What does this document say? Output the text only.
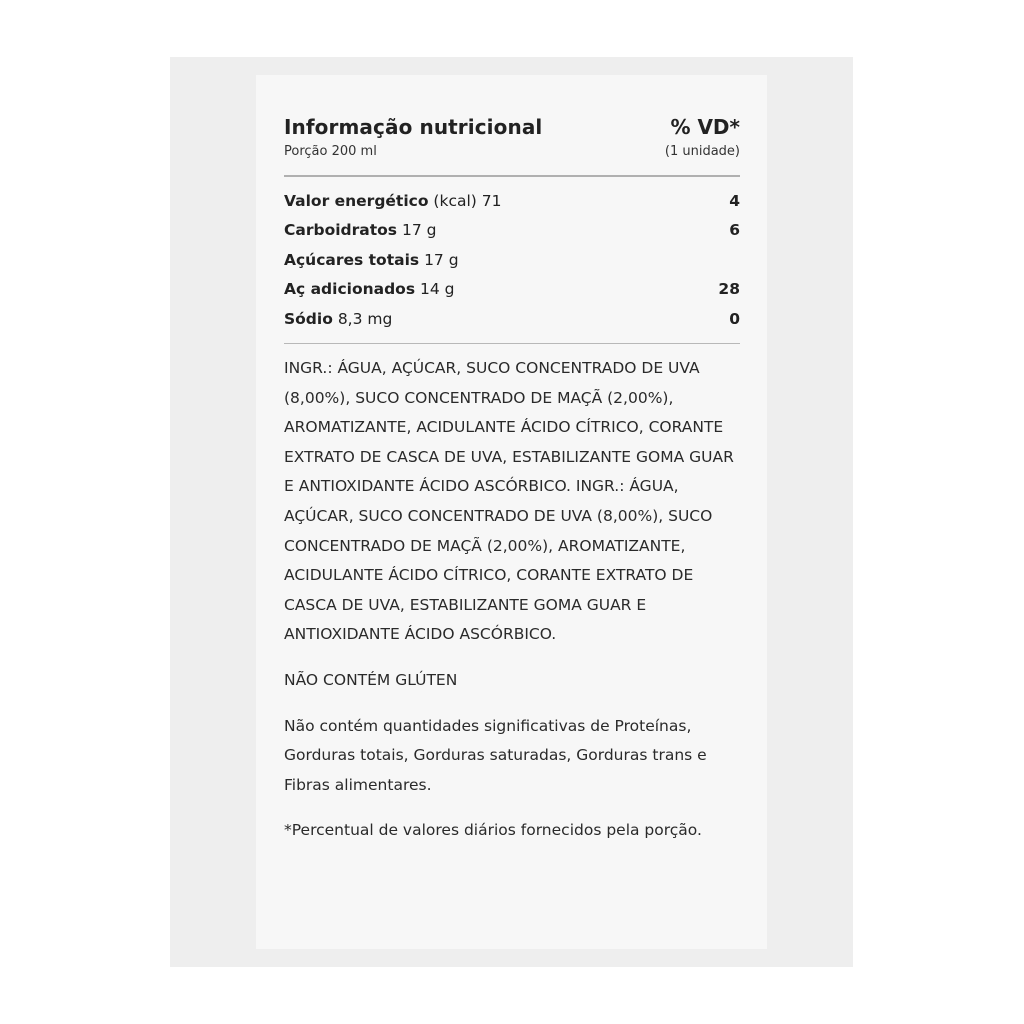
Informação nutricional	% VD*
Porção 200 ml	(1 unidade)
Valor energético (kcal) 71	4
Carboidratos 17 g	6
Açúcares totais 17 g
Aç adicionados 14 g	28
Sódio 8,3 mg	0
INGR.: ÁGUA, AÇÚCAR, SUCO CONCENTRADO DE UVA (8,00%), SUCO CONCENTRADO DE MAÇÃ (2,00%), AROMATIZANTE, ACIDULANTE ÁCIDO CÍTRICO, CORANTE EXTRATO DE CASCA DE UVA, ESTABILIZANTE GOMA GUAR E ANTIOXIDANTE ÁCIDO ASCÓRBICO. INGR.: ÁGUA, AÇÚCAR, SUCO CONCENTRADO DE UVA (8,00%), SUCO CONCENTRADO DE MAÇÃ (2,00%), AROMATIZANTE, ACIDULANTE ÁCIDO CÍTRICO, CORANTE EXTRATO DE CASCA DE UVA, ESTABILIZANTE GOMA GUAR E ANTIOXIDANTE ÁCIDO ASCÓRBICO.
NÃO CONTÉM GLÚTEN
Não contém quantidades significativas de Proteínas, Gorduras totais, Gorduras saturadas, Gorduras trans e Fibras alimentares.
*Percentual de valores diários fornecidos pela porção.
